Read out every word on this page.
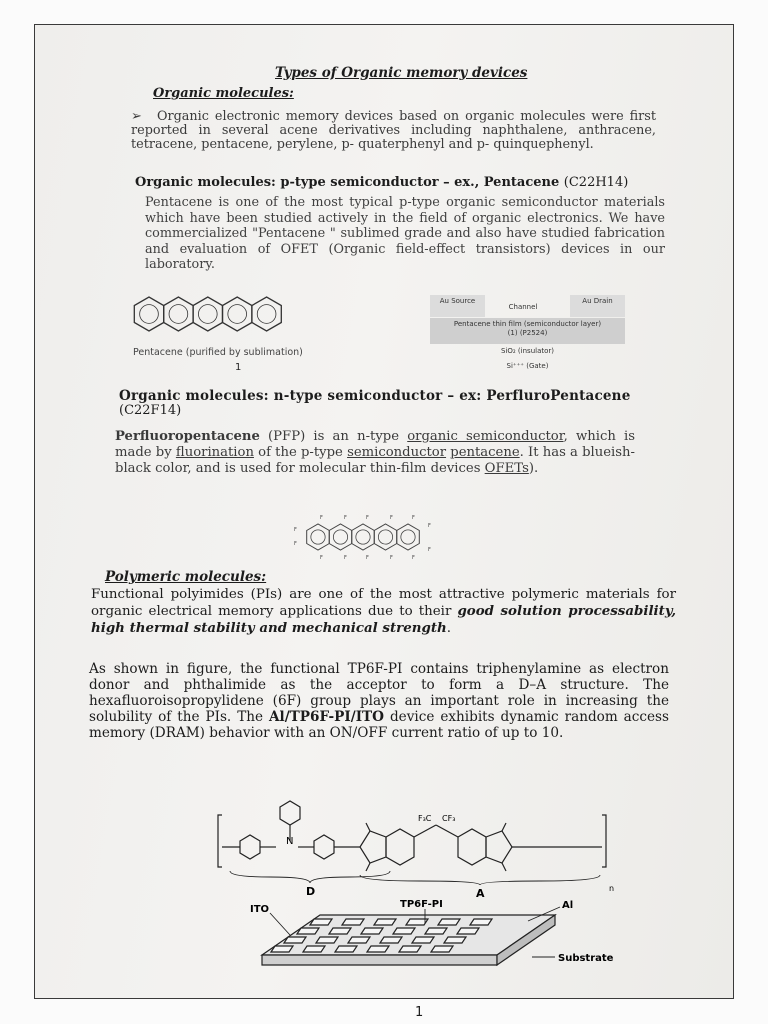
Types of Organic memory devices
Organic molecules:
➢ Organic electronic memory devices based on organic molecules were first reported in several acene derivatives including naphthalene, anthracene, tetracene, pentacene, perylene, p- quaterphenyl and p- quinquephenyl.
Organic molecules: p-type semiconductor – ex., Pentacene (C22H14)
Pentacene is one of the most typical p-type organic semiconductor materials which have been studied actively in the field of organic electronics. We have commercialized "Pentacene " sublimed grade and also have studied fabrication and evaluation of OFET (Organic field-effect transistors) devices in our laboratory.
Pentacene (purified by sublimation)
1
Au Source
Channel
Au Drain
Pentacene thin film (semiconductor layer)
(1) (P2524)
SiO₂ (insulator)
Si⁺⁺⁺ (Gate)
Organic molecules: n-type semiconductor – ex: PerfluroPentacene
(C22F14)
Perfluoropentacene (PFP) is an n-type organic semiconductor, which is made by fluorination of the p-type semiconductor pentacene. It has a blueish-black color, and is used for molecular thin-film devices OFETs).
F	F	F	F	F
F
F
F
F	F	F	F	F
F
Polymeric molecules:
Functional polyimides (PIs) are one of the most attractive polymeric materials for organic electrical memory applications due to their good solution processability, high thermal stability and mechanical strength.
As shown in figure, the functional TP6F-PI contains triphenylamine as electron donor and phthalimide as the acceptor to form a D–A structure. The hexafluoroisopropylidene (6F) group plays an important role in increasing the solubility of the PIs. The Al/TP6F-PI/ITO device exhibits dynamic random access memory (DRAM) behavior with an ON/OFF current ratio of up to 10.
N
F₃C CF₃
D	A	n
ITO	TP6F-PI	Al
Substrate
1
